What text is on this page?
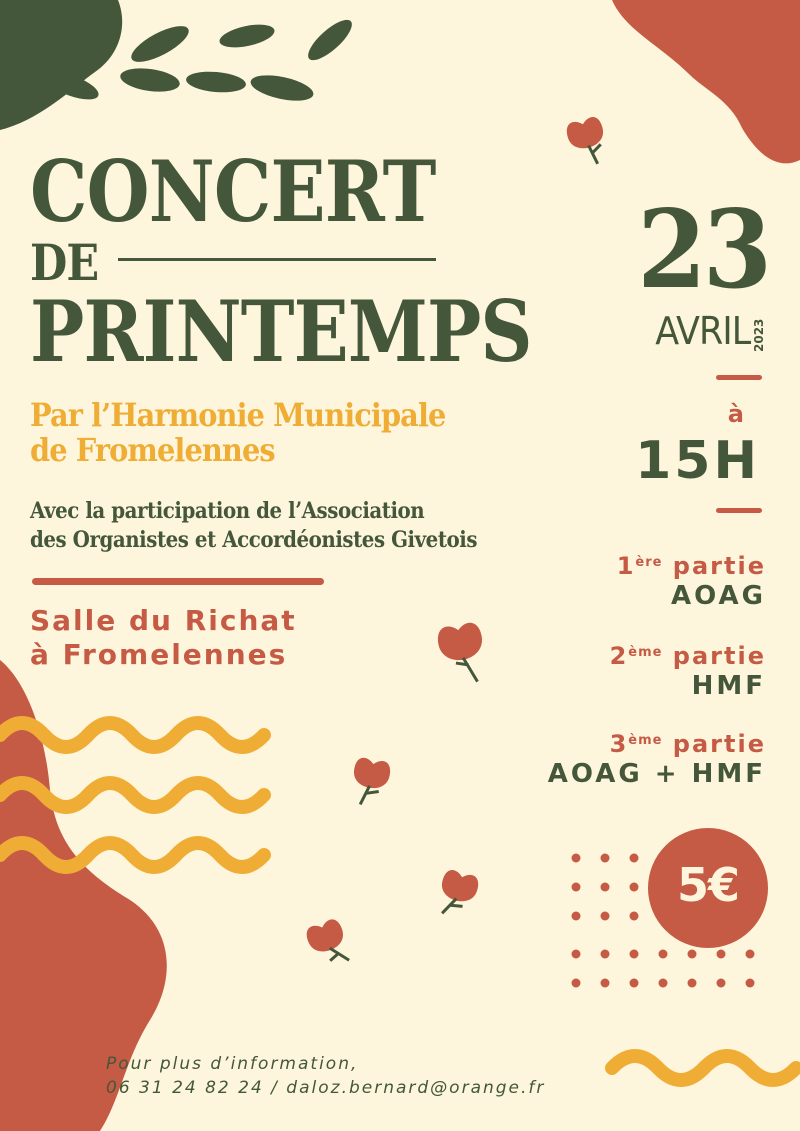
CONCERT
DE
PRINTEMPS
Par l’Harmonie Municipale
de Fromelennes
Avec la participation de l’Association
des Organistes et Accordéonistes Givetois
Salle du Richat
à Fromelennes
23
AVRIL 2023
à
15H
1ère partie
AOAG
2ème partie
HMF
3ème partie
AOAG + HMF
5€
Pour plus d’information,
06 31 24 82 24 / daloz.bernard@orange.fr
